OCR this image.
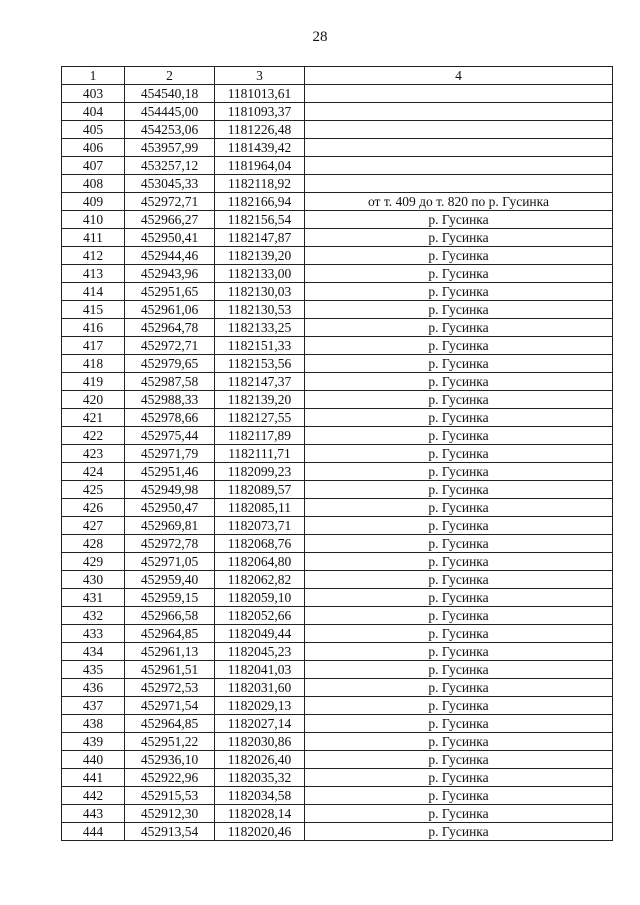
28
1	2	3	4
403	454540,18	1181013,61	
404	454445,00	1181093,37	
405	454253,06	1181226,48	
406	453957,99	1181439,42	
407	453257,12	1181964,04	
408	453045,33	1182118,92	
409	452972,71	1182166,94	от т. 409 до т. 820 по р. Гусинка
410	452966,27	1182156,54	р. Гусинка
411	452950,41	1182147,87	р. Гусинка
412	452944,46	1182139,20	р. Гусинка
413	452943,96	1182133,00	р. Гусинка
414	452951,65	1182130,03	р. Гусинка
415	452961,06	1182130,53	р. Гусинка
416	452964,78	1182133,25	р. Гусинка
417	452972,71	1182151,33	р. Гусинка
418	452979,65	1182153,56	р. Гусинка
419	452987,58	1182147,37	р. Гусинка
420	452988,33	1182139,20	р. Гусинка
421	452978,66	1182127,55	р. Гусинка
422	452975,44	1182117,89	р. Гусинка
423	452971,79	1182111,71	р. Гусинка
424	452951,46	1182099,23	р. Гусинка
425	452949,98	1182089,57	р. Гусинка
426	452950,47	1182085,11	р. Гусинка
427	452969,81	1182073,71	р. Гусинка
428	452972,78	1182068,76	р. Гусинка
429	452971,05	1182064,80	р. Гусинка
430	452959,40	1182062,82	р. Гусинка
431	452959,15	1182059,10	р. Гусинка
432	452966,58	1182052,66	р. Гусинка
433	452964,85	1182049,44	р. Гусинка
434	452961,13	1182045,23	р. Гусинка
435	452961,51	1182041,03	р. Гусинка
436	452972,53	1182031,60	р. Гусинка
437	452971,54	1182029,13	р. Гусинка
438	452964,85	1182027,14	р. Гусинка
439	452951,22	1182030,86	р. Гусинка
440	452936,10	1182026,40	р. Гусинка
441	452922,96	1182035,32	р. Гусинка
442	452915,53	1182034,58	р. Гусинка
443	452912,30	1182028,14	р. Гусинка
444	452913,54	1182020,46	р. Гусинка
